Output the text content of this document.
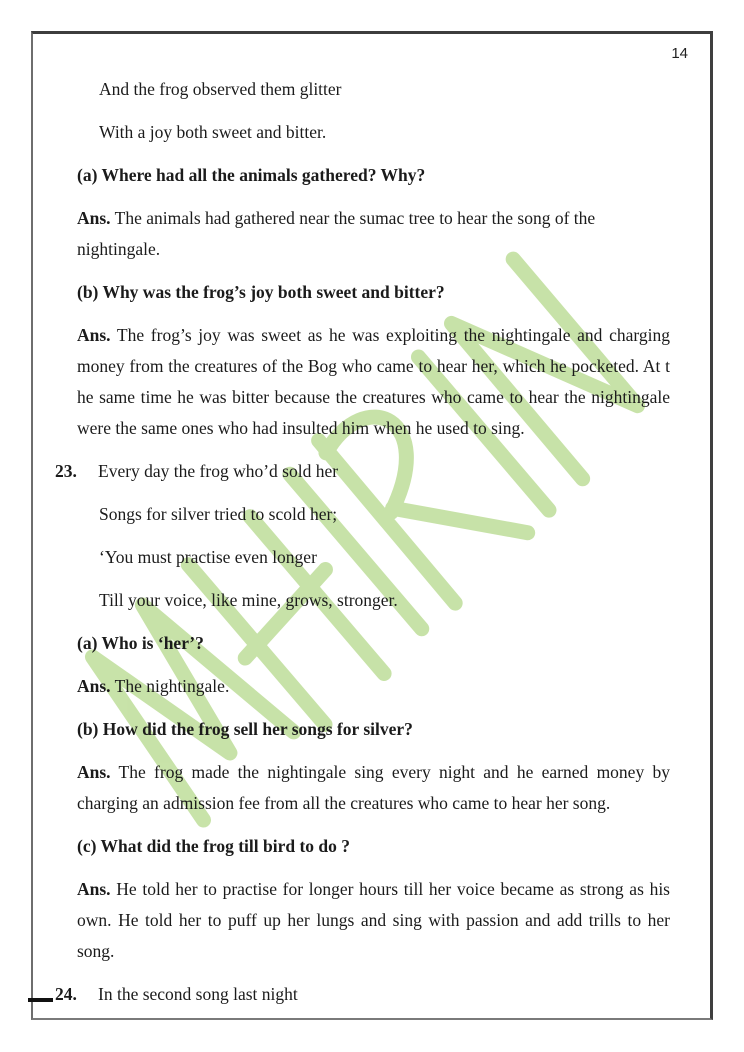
14

And the frog observed them glitter

With a joy both sweet and bitter.

(a) Where had all the animals gathered? Why?

Ans. The animals had gathered near the sumac tree to hear the song of the nightingale.

(b) Why was the frog’s joy both sweet and bitter?

Ans. The frog’s joy was sweet as he was exploiting the nightingale and charging money from the creatures of the Bog who came to hear her, which he pocketed. At t he same time he was bitter because the creatures who came to hear the nightingale were the same ones who had insulted him when he used to sing.

23. Every day the frog who’d sold her

Songs for silver tried to scold her;

‘You must practise even longer

Till your voice, like mine, grows, stronger.

(a) Who is ‘her’?

Ans. The nightingale.

(b) How did the frog sell her songs for silver?

Ans. The frog made the nightingale sing every night and he earned money by charging an admission fee from all the creatures who came to hear her song.

(c) What did the frog till bird to do ?

Ans. He told her to practise for longer hours till her voice became as strong as his own. He told her to puff up her lungs and sing with passion and add trills to her song.

24. In the second song last night
